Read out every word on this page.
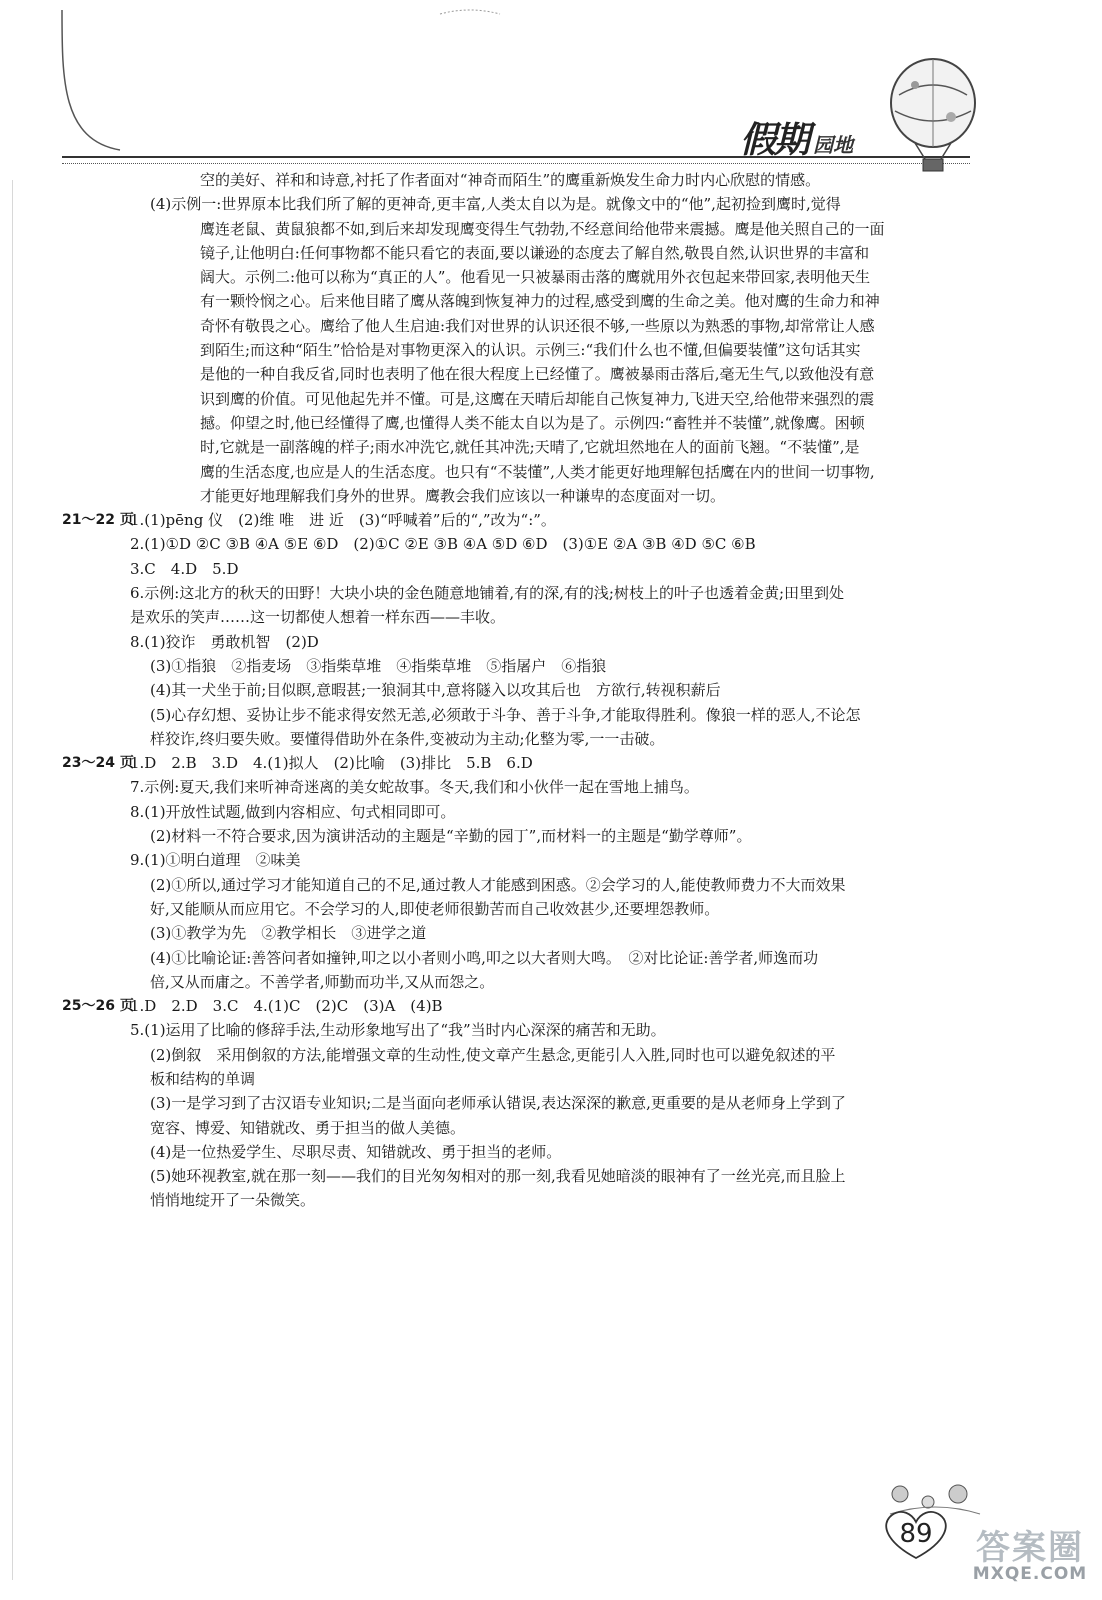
假期 园地
空的美好、祥和和诗意,衬托了作者面对“神奇而陌生”的鹰重新焕发生命力时内心欣慰的情感。
(4)示例一:世界原本比我们所了解的更神奇,更丰富,人类太自以为是。就像文中的“他”,起初捡到鹰时,觉得
鹰连老鼠、黄鼠狼都不如,到后来却发现鹰变得生气勃勃,不经意间给他带来震撼。鹰是他关照自己的一面
镜子,让他明白:任何事物都不能只看它的表面,要以谦逊的态度去了解自然,敬畏自然,认识世界的丰富和
阔大。示例二:他可以称为“真正的人”。他看见一只被暴雨击落的鹰就用外衣包起来带回家,表明他天生
有一颗怜悯之心。后来他目睹了鹰从落魄到恢复神力的过程,感受到鹰的生命之美。他对鹰的生命力和神
奇怀有敬畏之心。鹰给了他人生启迪:我们对世界的认识还很不够,一些原以为熟悉的事物,却常常让人感
到陌生;而这种“陌生”恰恰是对事物更深入的认识。示例三:“我们什么也不懂,但偏要装懂”这句话其实
是他的一种自我反省,同时也表明了他在很大程度上已经懂了。鹰被暴雨击落后,毫无生气,以致他没有意
识到鹰的价值。可见他起先并不懂。可是,这鹰在天晴后却能自己恢复神力,飞进天空,给他带来强烈的震
撼。仰望之时,他已经懂得了鹰,也懂得人类不能太自以为是了。示例四:“畜牲并不装懂”,就像鹰。困顿
时,它就是一副落魄的样子;雨水冲洗它,就任其冲洗;天晴了,它就坦然地在人的面前飞翘。“不装懂”,是
鹰的生活态度,也应是人的生活态度。也只有“不装懂”,人类才能更好地理解包括鹰在内的世间一切事物,
才能更好地理解我们身外的世界。鹰教会我们应该以一种谦卑的态度面对一切。
21～22 页
1.(1)pēng 仪　(2)维 唯　进 近　(3)“呼喊着”后的“,”改为“:”。
2.(1)①D ②C ③B ④A ⑤E ⑥D　(2)①C ②E ③B ④A ⑤D ⑥D　(3)①E ②A ③B ④D ⑤C ⑥B
3.C　4.D　5.D
6.示例:这北方的秋天的田野！大块小块的金色随意地铺着,有的深,有的浅;树枝上的叶子也透着金黄;田里到处
是欢乐的笑声……这一切都使人想着一样东西——丰收。
8.(1)狡诈　勇敢机智　(2)D
(3)①指狼　②指麦场　③指柴草堆　④指柴草堆　⑤指屠户　⑥指狼
(4)其一犬坐于前;目似瞑,意暇甚;一狼洞其中,意将隧入以攻其后也　方欲行,转视积薪后
(5)心存幻想、妥协让步不能求得安然无恙,必须敢于斗争、善于斗争,才能取得胜利。像狼一样的恶人,不论怎
样狡诈,终归要失败。要懂得借助外在条件,变被动为主动;化整为零,一一击破。
23～24 页
1.D　2.B　3.D　4.(1)拟人　(2)比喻　(3)排比　5.B　6.D
7.示例:夏天,我们来听神奇迷离的美女蛇故事。冬天,我们和小伙伴一起在雪地上捕鸟。
8.(1)开放性试题,做到内容相应、句式相同即可。
(2)材料一不符合要求,因为演讲活动的主题是“辛勤的园丁”,而材料一的主题是“勤学尊师”。
9.(1)①明白道理　②味美
(2)①所以,通过学习才能知道自己的不足,通过教人才能感到困惑。②会学习的人,能使教师费力不大而效果
好,又能顺从而应用它。不会学习的人,即使老师很勤苦而自己收效甚少,还要埋怨教师。
(3)①教学为先　②教学相长　③进学之道
(4)①比喻论证:善答问者如撞钟,叩之以小者则小鸣,叩之以大者则大鸣。　②对比论证:善学者,师逸而功
倍,又从而庸之。不善学者,师勤而功半,又从而怨之。
25～26 页
1.D　2.D　3.C　4.(1)C　(2)C　(3)A　(4)B
5.(1)运用了比喻的修辞手法,生动形象地写出了“我”当时内心深深的痛苦和无助。
(2)倒叙　采用倒叙的方法,能增强文章的生动性,使文章产生悬念,更能引人入胜,同时也可以避免叙述的平
板和结构的单调
(3)一是学习到了古汉语专业知识;二是当面向老师承认错误,表达深深的歉意,更重要的是从老师身上学到了
宽容、博爱、知错就改、勇于担当的做人美德。
(4)是一位热爱学生、尽职尽责、知错就改、勇于担当的老师。
(5)她环视教室,就在那一刻——我们的目光匆匆相对的那一刻,我看见她暗淡的眼神有了一丝光亮,而且脸上
悄悄地绽开了一朵微笑。
89	答案圈
MXQE.COM
